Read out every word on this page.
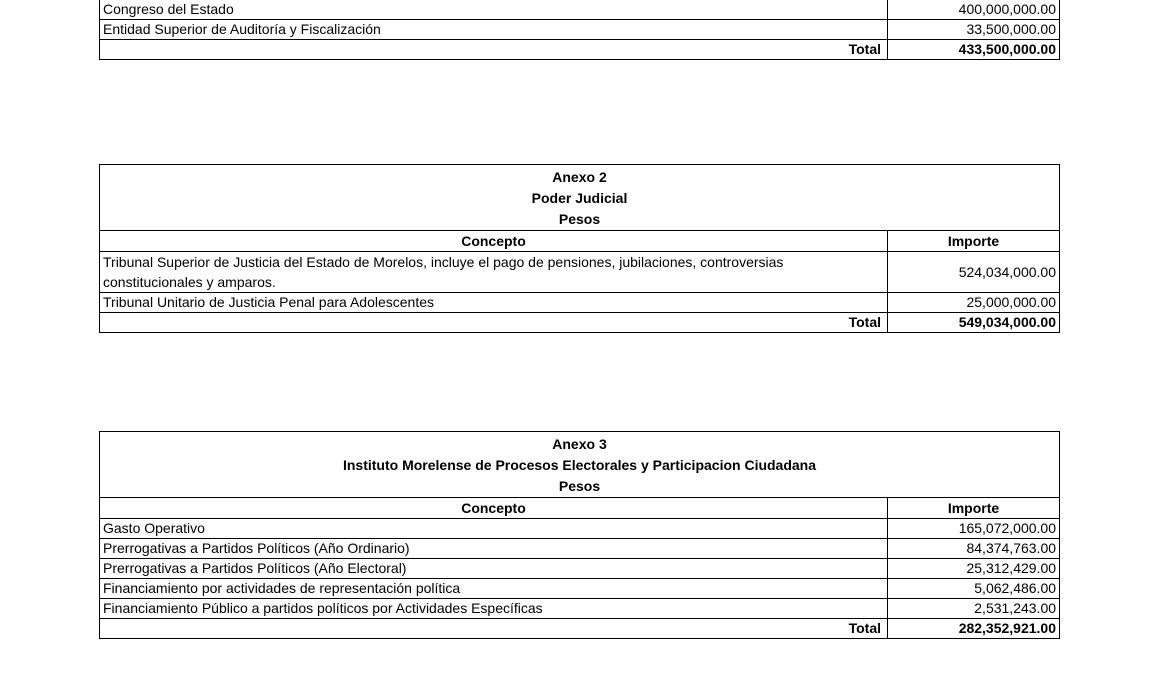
Congreso del Estado	400,000,000.00
Entidad Superior de Auditoría y Fiscalización	33,500,000.00
Total	433,500,000.00
Anexo 2
Poder Judicial
Pesos	

Concepto	Importe
Tribunal Superior de Justicia del Estado de Morelos, incluye el pago de pensiones, jubilaciones, controversias constitucionales y amparos.	524,034,000.00
Tribunal Unitario de Justicia Penal para Adolescentes	25,000,000.00
Total	549,034,000.00
Anexo 3
Instituto Morelense de Procesos Electorales y Participacion Ciudadana
Pesos	

Concepto	Importe
Gasto Operativo	165,072,000.00
Prerrogativas a Partidos Políticos (Año Ordinario)	84,374,763.00
Prerrogativas a Partidos Políticos (Año Electoral)	25,312,429.00
Financiamiento por actividades de representación política	5,062,486.00
Financiamiento Público a partidos políticos por Actividades Específicas	2,531,243.00
Total	282,352,921.00
